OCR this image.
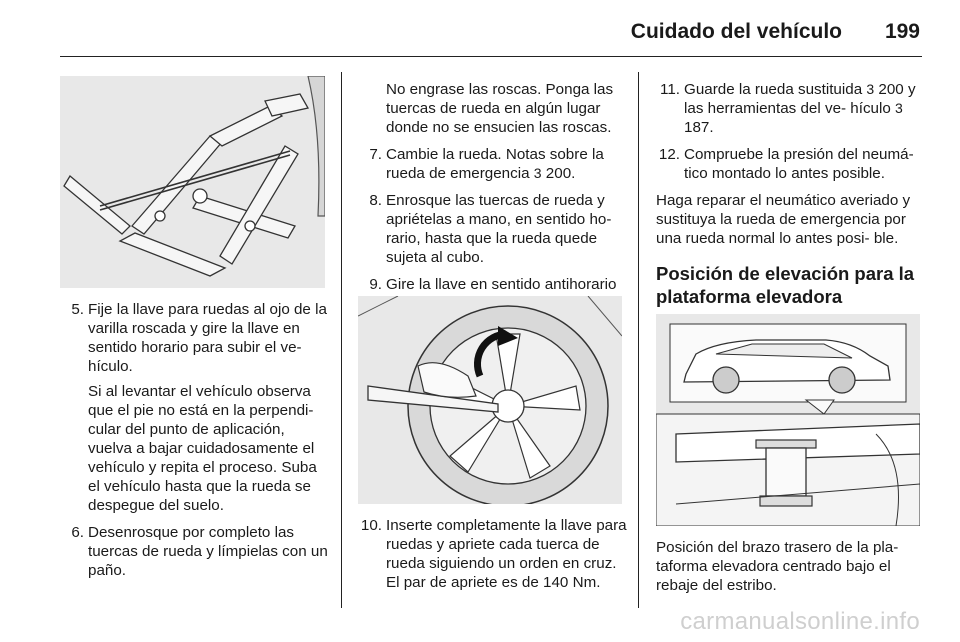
Cuidado del vehículo 199
5. Fije la llave para ruedas al ojo de la varilla roscada y gire la llave en sentido horario para subir el ve- hículo.
Si al levantar el vehículo observa que el pie no está en la perpendi- cular del punto de aplicación, vuelva a bajar cuidadosamente el vehículo y repita el proceso. Suba el vehículo hasta que la rueda se despegue del suelo.
6. Desenrosque por completo las tuercas de rueda y límpielas con un paño.
No engrase las roscas. Ponga las tuercas de rueda en algún lugar donde no se ensucien las roscas.
7. Cambie la rueda. Notas sobre la rueda de emergencia 3 200.
8. Enrosque las tuercas de rueda y apriételas a mano, en sentido ho- rario, hasta que la rueda quede sujeta al cubo.
9. Gire la llave en sentido antihorario
10. Inserte completamente la llave para ruedas y apriete cada tuerca de rueda siguiendo un orden en cruz. El par de apriete es de 140 Nm.
11. Guarde la rueda sustituida 3 200 y las herramientas del ve- hículo 3 187.
12. Compruebe la presión del neumá- tico montado lo antes posible.
Haga reparar el neumático averiado y sustituya la rueda de emergencia por una rueda normal lo antes posi- ble.
Posición de elevación para la plataforma elevadora
Posición del brazo trasero de la pla- taforma elevadora centrado bajo el rebaje del estribo.
carmanualsonline.info
